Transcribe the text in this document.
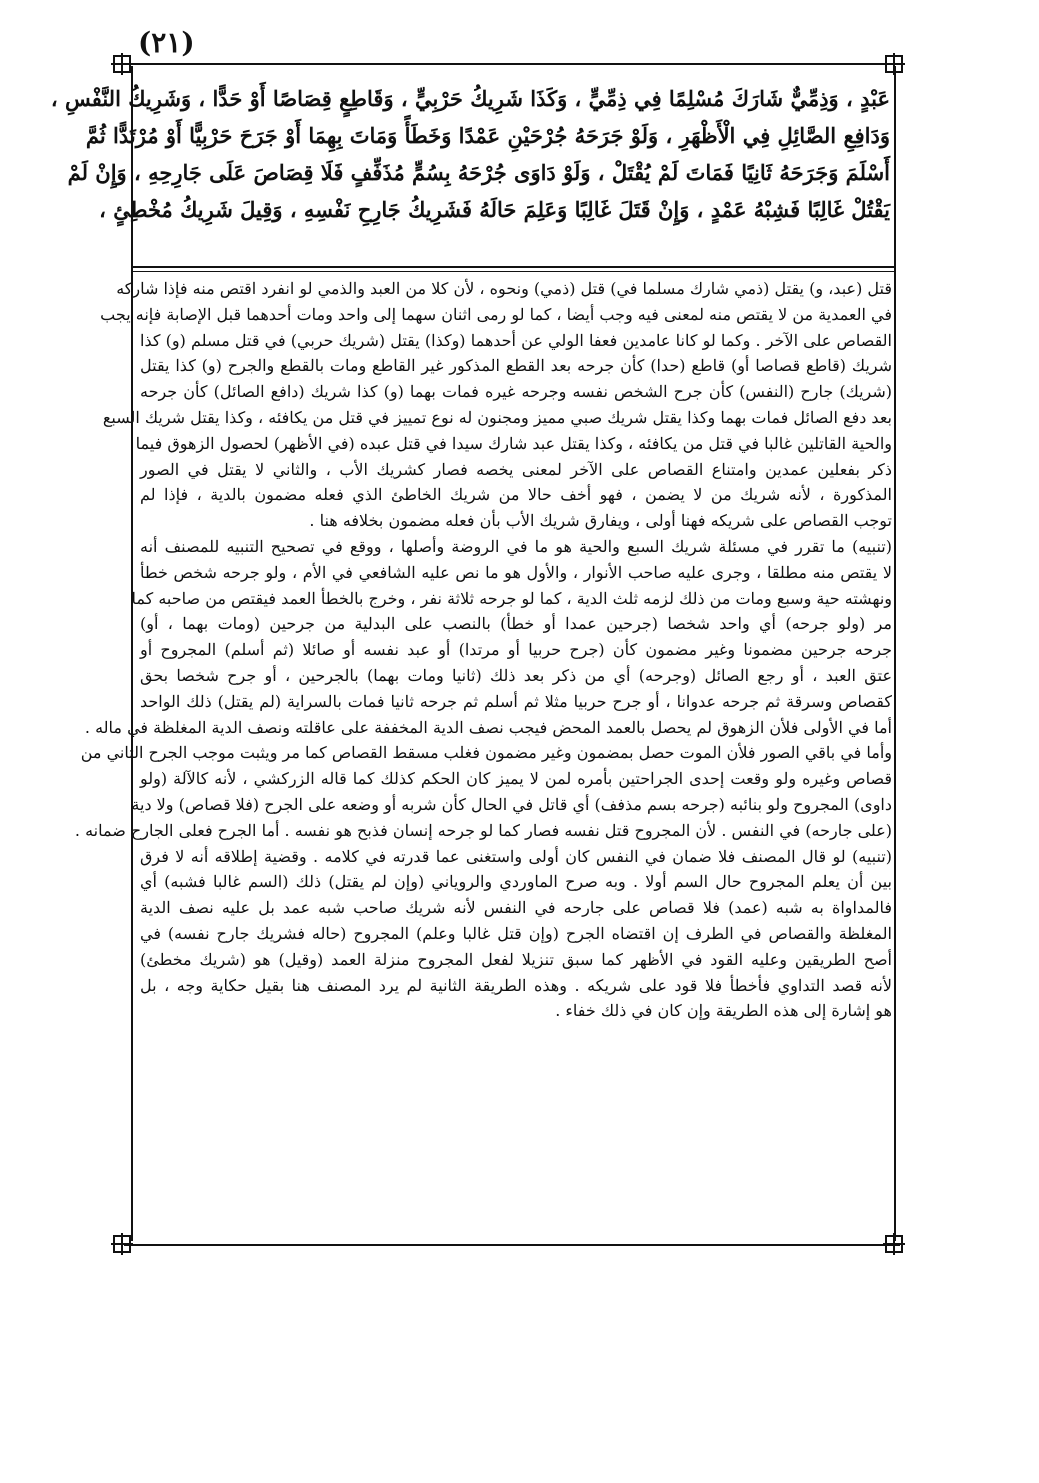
(٢١)
عَبْدٍ ، وَذِمِّيٌّ شَارَكَ مُسْلِمًا فِي ذِمِّيٍّ ، وَكَذَا شَرِيكُ حَرْبِيٍّ ، وَقَاطِعٍ قِصَاصًا أَوْ حَدًّا ، وَشَرِيكُ النَّفْسِ ،
وَدَافِعِ الصَّائِلِ فِي الْأَظْهَرِ ، وَلَوْ جَرَحَهُ جُرْحَيْنِ عَمْدًا وَخَطَأً وَمَاتَ بِهِمَا أَوْ جَرَحَ حَرْبِيًّا أَوْ مُرْتَدًّا ثُمَّ
أَسْلَمَ وَجَرَحَهُ ثَانِيًا فَمَاتَ لَمْ يُقْتَلْ ، وَلَوْ دَاوَى جُرْحَهُ بِسُمٍّ مُذَفِّفٍ فَلَا قِصَاصَ عَلَى جَارِحِهِ ، وَإِنْ لَمْ
يَقْتُلْ غَالِبًا فَشِبْهُ عَمْدٍ ، وَإِنْ قَتَلَ غَالِبًا وَعَلِمَ حَالَهُ فَشَرِيكُ جَارِحِ نَفْسِهِ ، وَقِيلَ شَرِيكُ مُخْطِئٍ ،
قتل (عبد، و) يقتل (ذمي شارك مسلما في) قتل (ذمي) ونحوه ، لأن كلا من العبد والذمي لو انفرد اقتص منه فإذا شاركه
في العمدية من لا يقتص منه لمعنى فيه وجب أيضا ، كما لو رمى اثنان سهما إلى واحد ومات أحدهما قبل الإصابة فإنه يجب
القصاص على الآخر . وكما لو كانا عامدين فعفا الولي عن أحدهما (وكذا) يقتل (شريك حربي) في قتل مسلم (و) كذا
شريك (قاطع قصاصا أو) قاطع (حدا) كأن جرحه بعد القطع المذكور غير القاطع ومات بالقطع والجرح (و) كذا يقتل
(شريك) جارح (النفس) كأن جرح الشخص نفسه وجرحه غيره فمات بهما (و) كذا شريك (دافع الصائل) كأن جرحه
بعد دفع الصائل فمات بهما وكذا يقتل شريك صبي مميز ومجنون له نوع تمييز في قتل من يكافئه ، وكذا يقتل شريك السبع
والحية القاتلين غالبا في قتل من يكافئه ، وكذا يقتل عبد شارك سيدا في قتل عبده (في الأظهر) لحصول الزهوق فيما
ذكر بفعلين عمدين وامتناع القصاص على الآخر لمعنى يخصه فصار كشريك الأب ، والثاني لا يقتل في الصور
المذكورة ، لأنه شريك من لا يضمن ، فهو أخف حالا من شريك الخاطئ الذي فعله مضمون بالدية ، فإذا لم
توجب القصاص على شريكه فهنا أولى ، ويفارق شريك الأب بأن فعله مضمون بخلافه هنا .
(تنبيه) ما تقرر في مسئلة شريك السبع والحية هو ما في الروضة وأصلها ، ووقع في تصحيح التنبيه للمصنف أنه
لا يقتص منه مطلقا ، وجرى عليه صاحب الأنوار ، والأول هو ما نص عليه الشافعي في الأم ، ولو جرحه شخص خطأ
ونهشته حية وسبع ومات من ذلك لزمه ثلث الدية ، كما لو جرحه ثلاثة نفر ، وخرج بالخطأ العمد فيقتص من صاحبه كما
مر (ولو جرحه) أي واحد شخصا (جرحين عمدا أو خطأ) بالنصب على البدلية من جرحين (ومات بهما ، أو)
جرحه جرحين مضمونا وغير مضمون كأن (جرح حربيا أو مرتدا) أو عبد نفسه أو صائلا (ثم أسلم) المجروح أو
عتق العبد ، أو رجع الصائل (وجرحه) أي من ذكر بعد ذلك (ثانيا ومات بهما) بالجرحين ، أو جرح شخصا بحق
كقصاص وسرقة ثم جرحه عدوانا ، أو جرح حربيا مثلا ثم أسلم ثم جرحه ثانيا فمات بالسراية (لم يقتل) ذلك الواحد
أما في الأولى فلأن الزهوق لم يحصل بالعمد المحض فيجب نصف الدية المخففة على عاقلته ونصف الدية المغلظة في ماله .
وأما في باقي الصور فلأن الموت حصل بمضمون وغير مضمون فغلب مسقط القصاص كما مر ويثبت موجب الجرح الثاني من
قصاص وغيره ولو وقعت إحدى الجراحتين بأمره لمن لا يميز كان الحكم كذلك كما قاله الزركشي ، لأنه كالآلة (ولو
داوى) المجروح ولو بنائبه (جرحه بسم مذفف) أي قاتل في الحال كأن شربه أو وضعه على الجرح (فلا قصاص) ولا دية
(على جارحه) في النفس . لأن المجروح قتل نفسه فصار كما لو جرحه إنسان فذبح هو نفسه . أما الجرح فعلى الجارح ضمانه .
(تنبيه) لو قال المصنف فلا ضمان في النفس كان أولى واستغنى عما قدرته في كلامه . وقضية إطلاقه أنه لا فرق
بين أن يعلم المجروح حال السم أولا . وبه صرح الماوردي والروياني (وإن لم يقتل) ذلك (السم غالبا فشبه) أي
فالمداواة به شبه (عمد) فلا قصاص على جارحه في النفس لأنه شريك صاحب شبه عمد بل عليه نصف الدية
المغلظة والقصاص في الطرف إن اقتضاه الجرح (وإن قتل غالبا وعلم) المجروح (حاله فشريك جارح نفسه) في
أصح الطريقين وعليه القود في الأظهر كما سبق تنزيلا لفعل المجروح منزلة العمد (وقيل) هو (شريك مخطئ)
لأنه قصد التداوي فأخطأ فلا قود على شريكه . وهذه الطريقة الثانية لم يرد المصنف هنا بقيل حكاية وجه ، بل
هو إشارة إلى هذه الطريقة وإن كان في ذلك خفاء .
